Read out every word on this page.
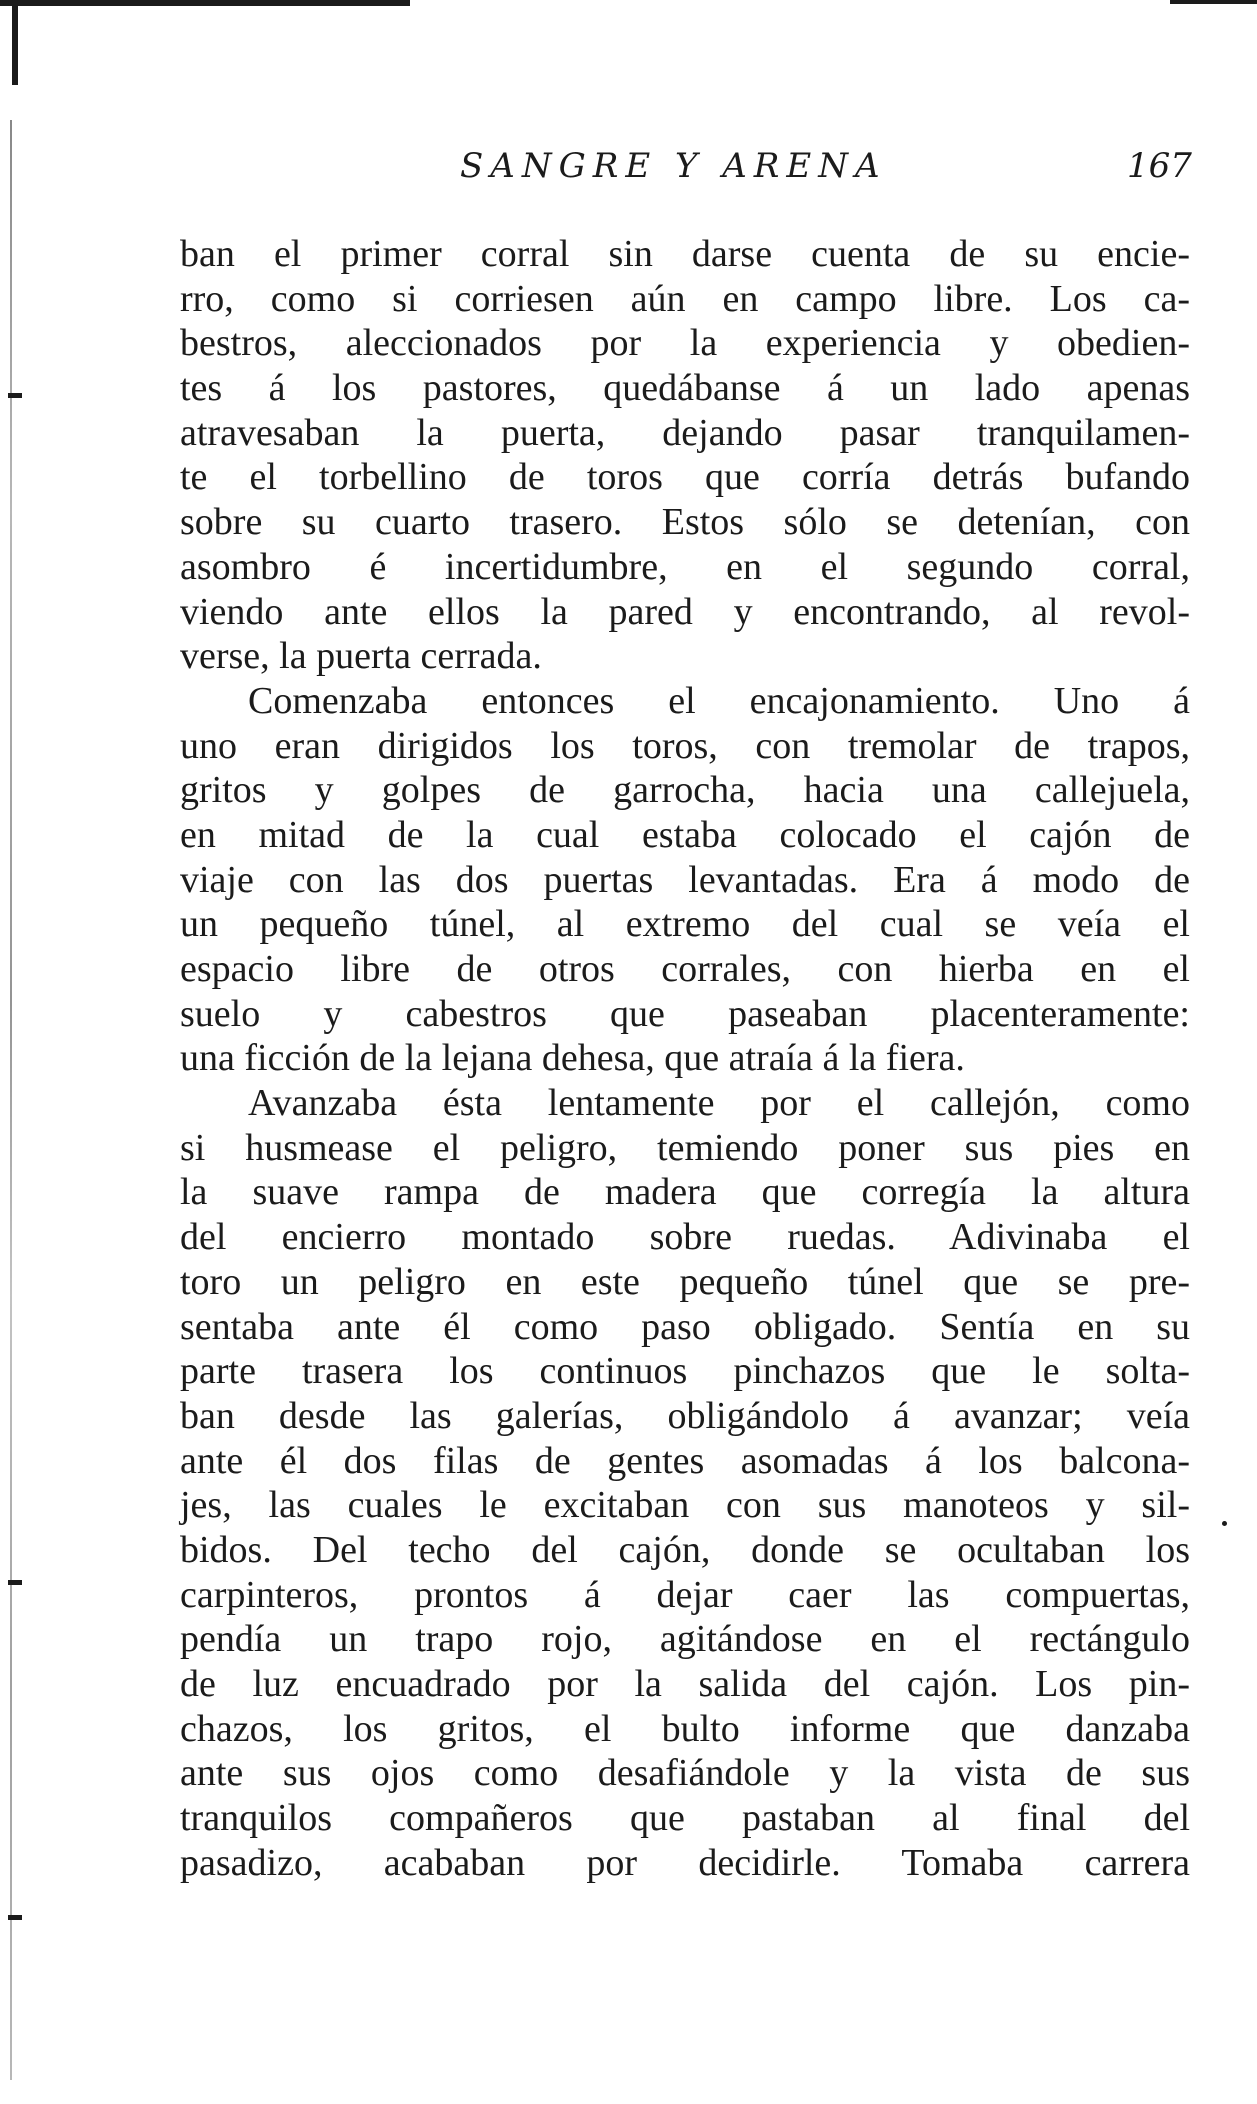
SANGRE Y ARENA	167
ban el primer corral sin darse cuenta de su encie-
rro, como si corriesen aún en campo libre. Los ca-
bestros, aleccionados por la experiencia y obedien-
tes á los pastores, quedábanse á un lado apenas
atravesaban la puerta, dejando pasar tranquilamen-
te el torbellino de toros que corría detrás bufando
sobre su cuarto trasero. Estos sólo se detenían, con
asombro é incertidumbre, en el segundo corral,
viendo ante ellos la pared y encontrando, al revol-
verse, la puerta cerrada.
Comenzaba entonces el encajonamiento. Uno á
uno eran dirigidos los toros, con tremolar de trapos,
gritos y golpes de garrocha, hacia una callejuela,
en mitad de la cual estaba colocado el cajón de
viaje con las dos puertas levantadas. Era á modo de
un pequeño túnel, al extremo del cual se veía el
espacio libre de otros corrales, con hierba en el
suelo y cabestros que paseaban placenteramente:
una ficción de la lejana dehesa, que atraía á la fiera.
Avanzaba ésta lentamente por el callejón, como
si husmease el peligro, temiendo poner sus pies en
la suave rampa de madera que corregía la altura
del encierro montado sobre ruedas. Adivinaba el
toro un peligro en este pequeño túnel que se pre-
sentaba ante él como paso obligado. Sentía en su
parte trasera los continuos pinchazos que le solta-
ban desde las galerías, obligándolo á avanzar; veía
ante él dos filas de gentes asomadas á los balcona-
jes, las cuales le excitaban con sus manoteos y sil-
bidos. Del techo del cajón, donde se ocultaban los
carpinteros, prontos á dejar caer las compuertas,
pendía un trapo rojo, agitándose en el rectángulo
de luz encuadrado por la salida del cajón. Los pin-
chazos, los gritos, el bulto informe que danzaba
ante sus ojos como desafiándole y la vista de sus
tranquilos compañeros que pastaban al final del
pasadizo, acababan por decidirle. Tomaba carrera
